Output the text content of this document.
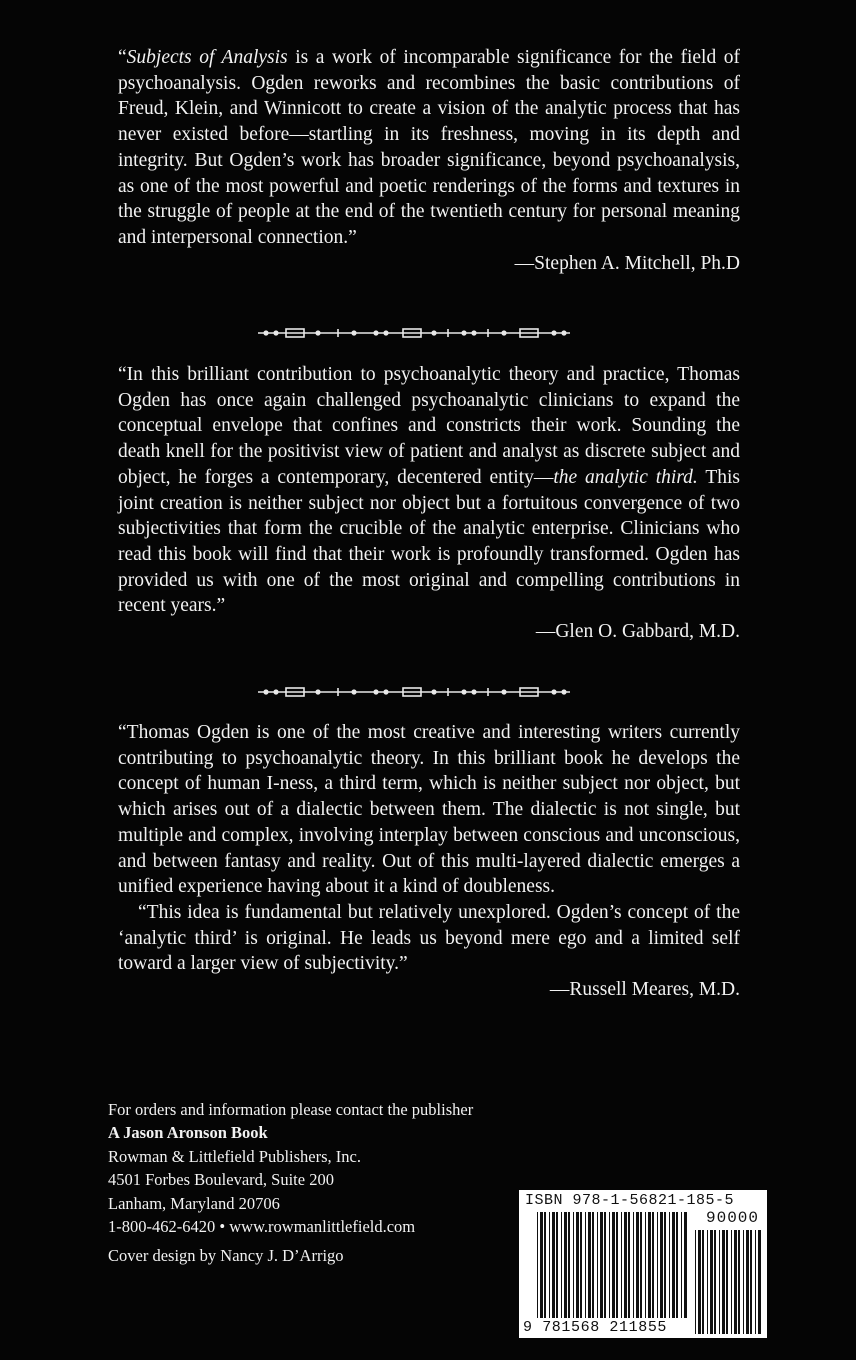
“Subjects of Analysis is a work of incomparable significance for the field of psychoanalysis. Ogden reworks and recombines the basic contributions of Freud, Klein, and Winnicott to create a vision of the analytic process that has never existed before—startling in its freshness, moving in its depth and integrity. But Ogden’s work has broader significance, beyond psychoanalysis, as one of the most powerful and poetic renderings of the forms and textures in the struggle of people at the end of the twentieth century for personal meaning and interpersonal connection.”

—Stephen A. Mitchell, Ph.D

“In this brilliant contribution to psychoanalytic theory and practice, Thomas Ogden has once again challenged psychoanalytic clinicians to expand the conceptual envelope that confines and constricts their work. Sounding the death knell for the positivist view of patient and analyst as discrete subject and object, he forges a contemporary, decentered entity—the analytic third. This joint creation is neither subject nor object but a fortuitous convergence of two subjectivities that form the crucible of the analytic enterprise. Clinicians who read this book will find that their work is profoundly transformed. Ogden has provided us with one of the most original and compelling contributions in recent years.”

—Glen O. Gabbard, M.D.

“Thomas Ogden is one of the most creative and interesting writers currently contributing to psychoanalytic theory. In this brilliant book he develops the concept of human I-ness, a third term, which is neither subject nor object, but which arises out of a dialectic between them. The dialectic is not single, but multiple and complex, involving interplay between conscious and unconscious, and between fantasy and reality. Out of this multi-layered dialectic emerges a unified experience having about it a kind of doubleness.

“This idea is fundamental but relatively unexplored. Ogden’s concept of the ‘analytic third’ is original. He leads us beyond mere ego and a limited self toward a larger view of subjectivity.”

—Russell Meares, M.D.

For orders and information please contact the publisher
A Jason Aronson Book
Rowman & Littlefield Publishers, Inc.
4501 Forbes Boulevard, Suite 200
Lanham, Maryland 20706
1-800-462-6420 • www.rowmanlittlefield.com
Cover design by Nancy J. D’Arrigo
ISBN 978-1-56821-185-5
90000
9 781568 211855
